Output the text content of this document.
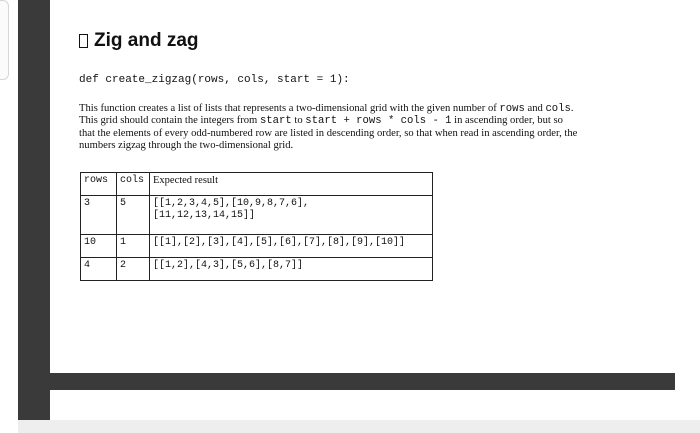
Zig and zag
def create_zigzag(rows, cols, start = 1):

This function creates a list of lists that represents a two-dimensional grid with the given number of rows and cols. This grid should contain the integers from start to start + rows * cols - 1 in ascending order, but so that the elements of every odd-numbered row are listed in descending order, so that when read in ascending order, the numbers zigzag through the two-dimensional grid.

rows	cols	Expected result
3	5	[[1,2,3,4,5],[10,9,8,7,6],
[11,12,13,14,15]]

10	1	[[1],[2],[3],[4],[5],[6],[7],[8],[9],[10]]
4	2	[[1,2],[4,3],[5,6],[8,7]]
